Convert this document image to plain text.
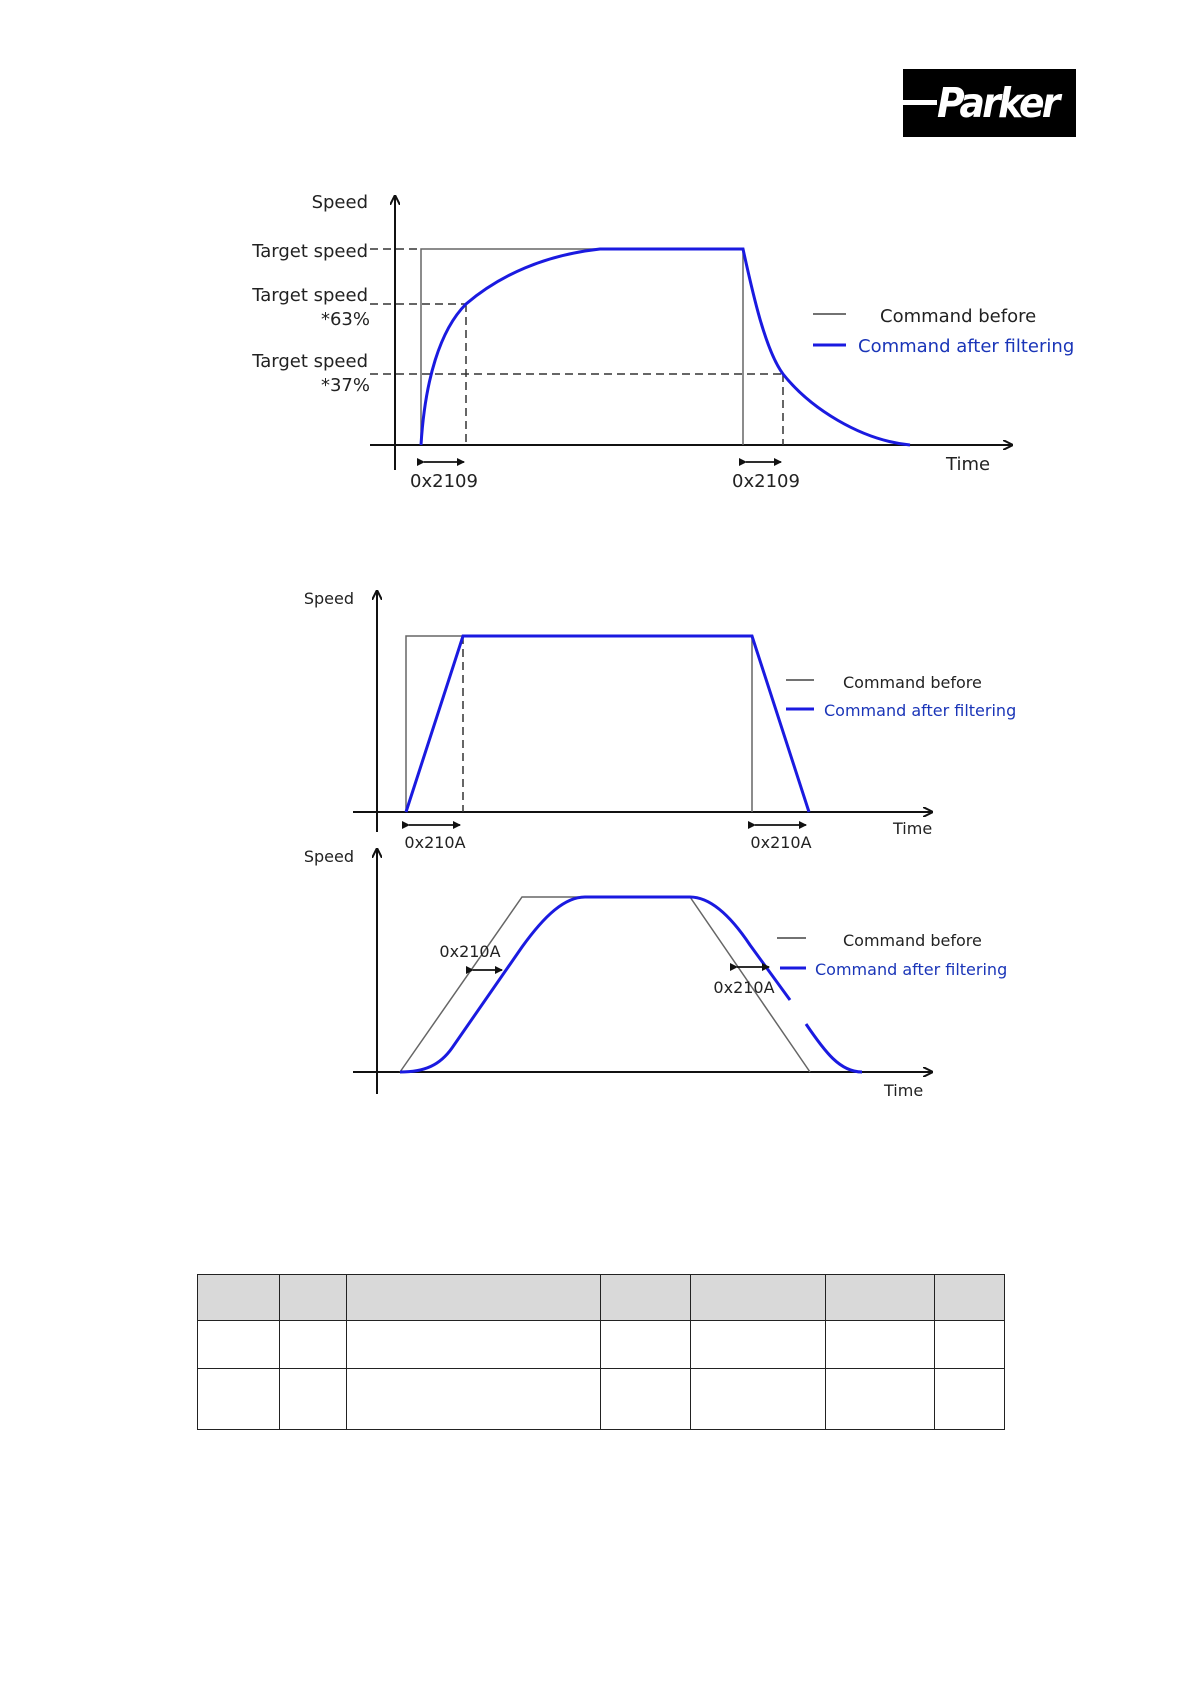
Parker
Speed
Target speed
Target speed
*63%
Target speed
*37%
0x2109	0x2109
Time
Command before
Command after filtering
Speed
0x210A	0x210A
Time
Command before
Command after filtering
Speed
0x210A
0x210A
Time
Command before
Command after filtering
